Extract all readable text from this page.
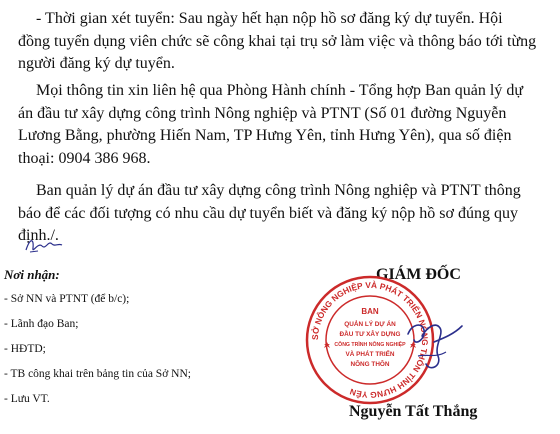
- Thời gian xét tuyển: Sau ngày hết hạn nộp hồ sơ đăng ký dự tuyển. Hội
đồng tuyển dụng viên chức sẽ công khai tại trụ sở làm việc và thông báo tới từng
người đăng ký dự tuyển.
Mọi thông tin xin liên hệ qua Phòng Hành chính - Tổng hợp Ban quản lý dự
án đầu tư xây dựng công trình Nông nghiệp và PTNT (Số 01 đường Nguyễn
Lương Bằng, phường Hiến Nam, TP Hưng Yên, tỉnh Hưng Yên), qua số điện
thoại: 0904 386 968.
Ban quản lý dự án đầu tư xây dựng công trình Nông nghiệp và PTNT thông
báo để các đối tượng có nhu cầu dự tuyển biết và đăng ký nộp hồ sơ đúng quy
định./.
Nơi nhận:
- Sở NN và PTNT (để b/c);
- Lãnh đạo Ban;
- HĐTD;
- TB công khai trên bảng tin của Sở NN;
- Lưu VT.
GIÁM ĐỐC
SỞ NÔNG NGHIỆP VÀ PHÁT TRIỂN NÔNG THÔN TỈNH HƯNG YÊN
BAN
QUẢN LÝ DỰ ÁN
ĐẦU TƯ XÂY DỰNG
CÔNG TRÌNH NÔNG NGHIỆP
VÀ PHÁT TRIỂN
NÔNG THÔN
Nguyễn Tất Thắng
